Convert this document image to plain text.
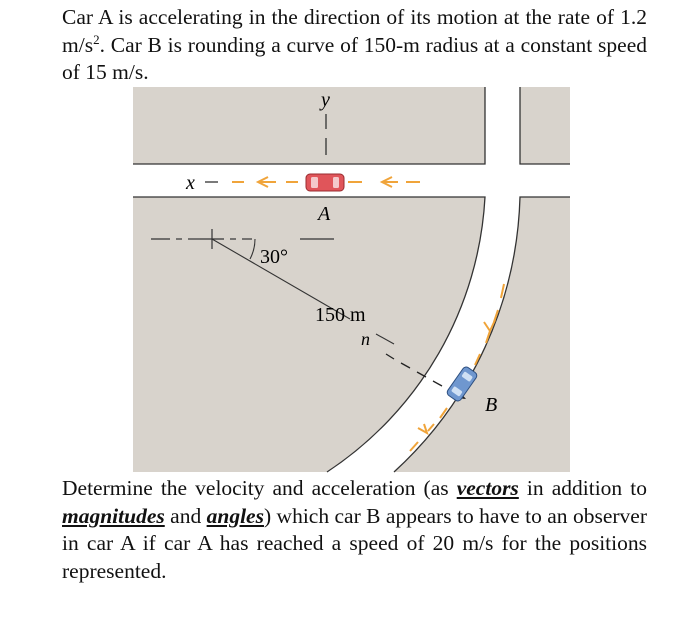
Car A is accelerating in the direction of its motion at the rate of 1.2 $m/s^2$. Car B is rounding a curve of 150-m radius at a constant speed of 15 m/s.

y
x
A
30°
150 m
n
B

Determine the velocity and acceleration (as vectors in addition to magnitudes and angles) which car B appears to have to an observer in car A if car A has reached a speed of 20 m/s for the positions represented.
